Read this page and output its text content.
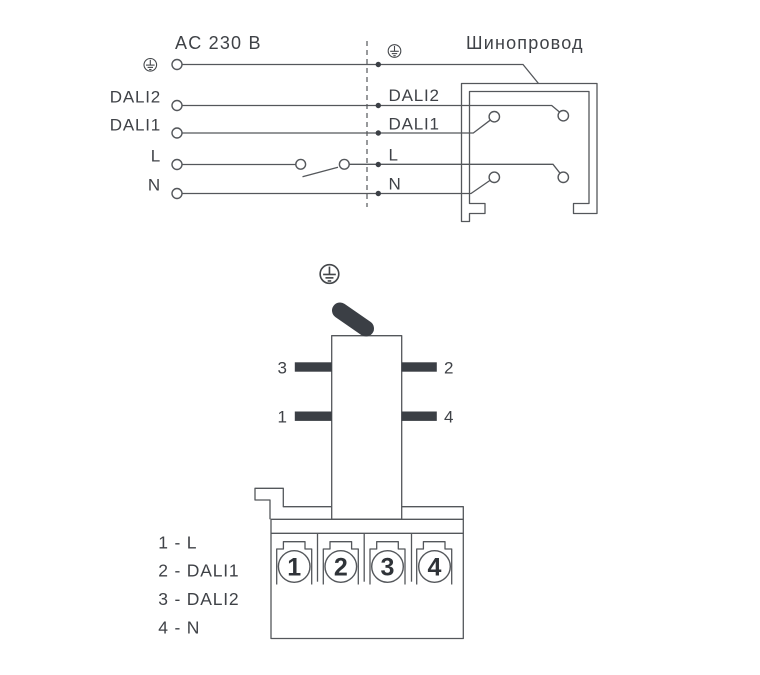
AC 230 В	Шинопровод
DALI2
DALI1
L
N
DALI2
DALI1
L
N
3	2
1	4
1 2 3 4
1 - L
2 - DALI1
3 - DALI2
4 - N
